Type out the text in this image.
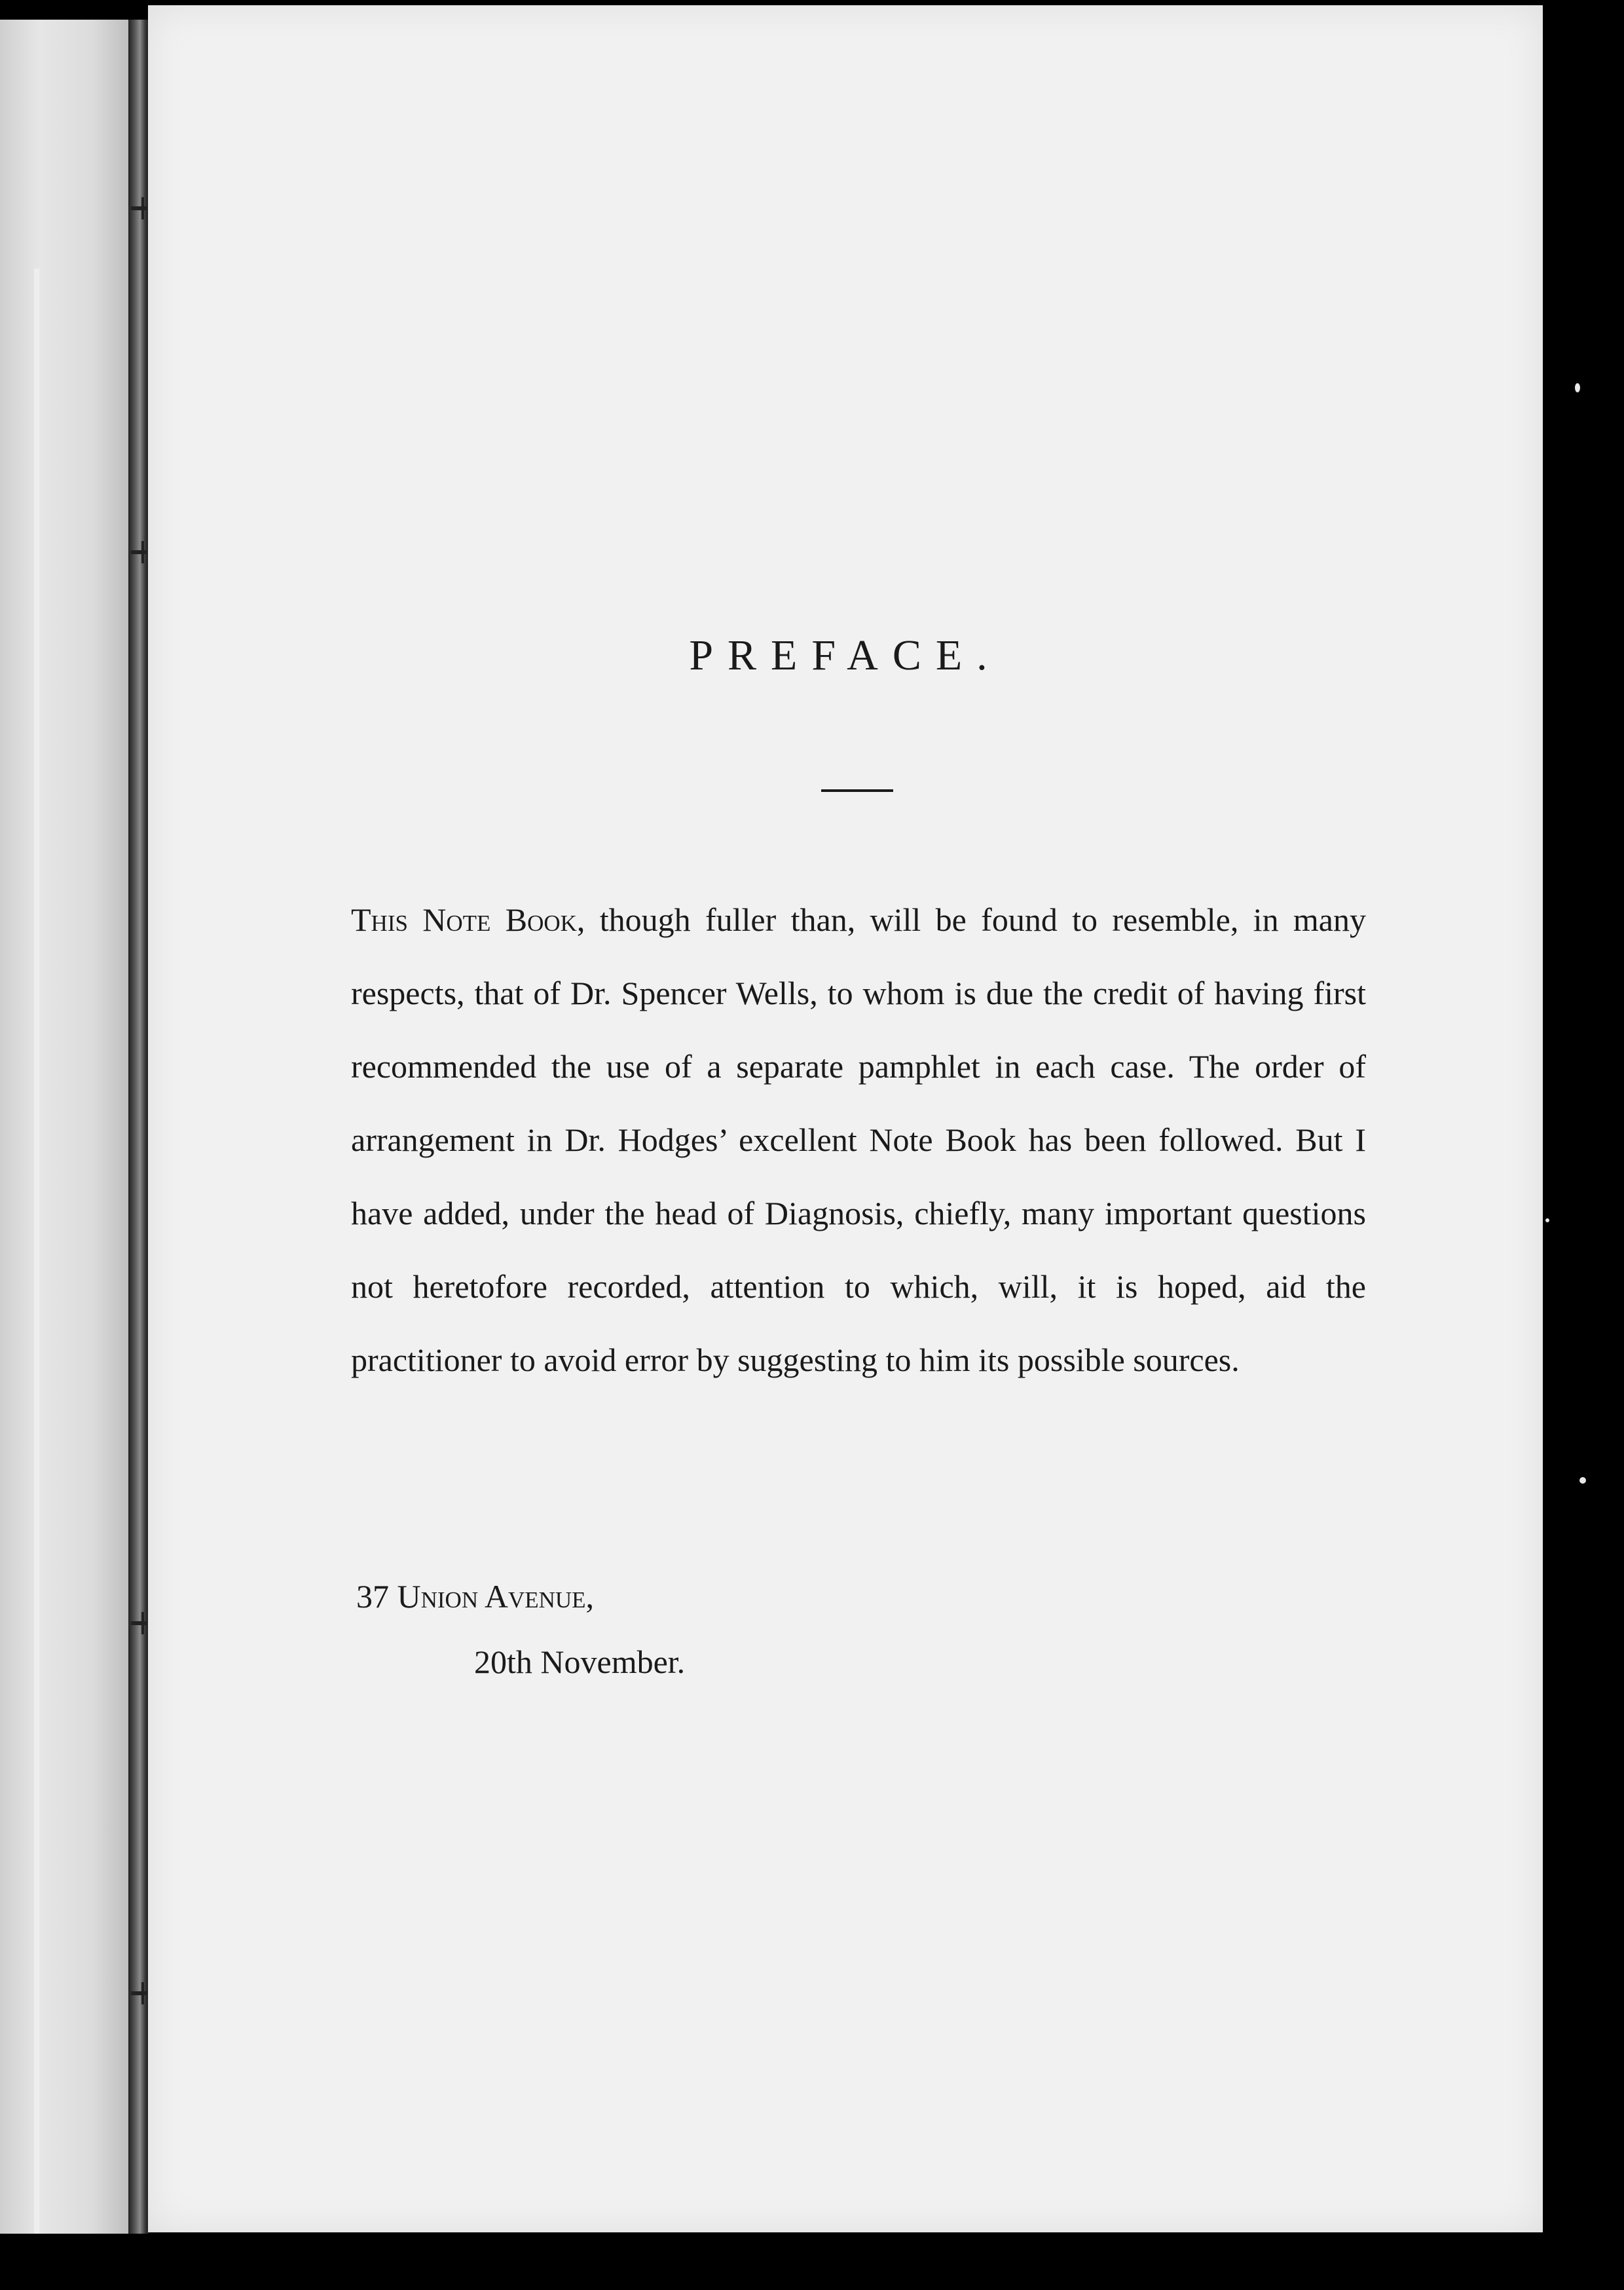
PREFACE.

This Note Book, though fuller than, will be found to resemble, in many respects, that of Dr. Spencer Wells, to whom is due the credit of having first recommended the use of a separate pamphlet in each case. The order of arrangement in Dr. Hodges’ excellent Note Book has been followed. But I have added, under the head of Diagnosis, chiefly, many important questions not heretofore recorded, attention to which, will, it is hoped, aid the practitioner to avoid error by suggesting to him its possible sources.

37 Union Avenue,
20th November.
